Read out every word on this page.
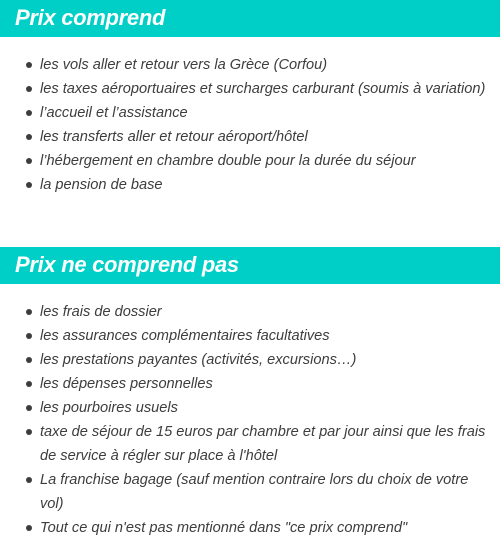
Prix comprend
les vols aller et retour vers la Grèce (Corfou)
les taxes aéroportuaires et surcharges carburant (soumis à variation)
l’accueil et l’assistance
les transferts aller et retour aéroport/hôtel
l’hébergement en chambre double pour la durée du séjour
la pension de base
Prix ne comprend pas
les frais de dossier
les assurances complémentaires facultatives
les prestations payantes (activités, excursions…)
les dépenses personnelles
les pourboires usuels
taxe de séjour de 15 euros par chambre et par jour ainsi que les frais de service à régler sur place à l'hôtel
La franchise bagage (sauf mention contraire lors du choix de votre vol)
Tout ce qui n'est pas mentionné dans "ce prix comprend"
